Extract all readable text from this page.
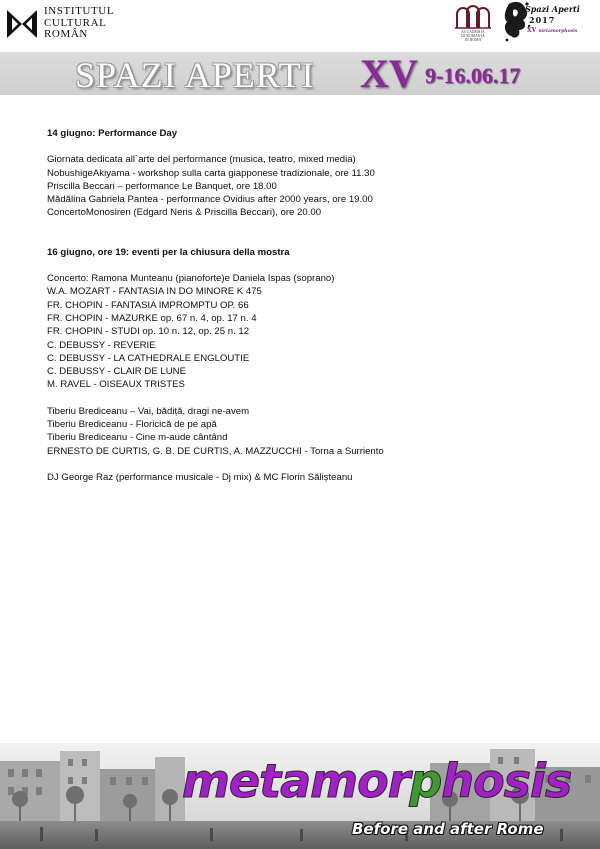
INSTITUTUL
CULTURAL
ROMÂN	ACCADEMIA
DI ROMANIA
IN ROMA
Spazi Aperti
2017
XV metamorphosis
SPAZI APERTI XV 9-16.06.17
14 giugno: Performance Day
Giornata dedicata all`arte del performance (musica, teatro, mixed media)
NobushigeAkiyama - workshop sulla carta giapponese tradizionale, ore 11.30
Priscilla Beccari – performance Le Banquet, ore 18.00
Mădălina Gabriela Pantea - performance Ovidius after 2000 years, ore 19.00
ConcertoMonosiren (Edgard Neris & Priscilla Beccari), ore 20.00
16 giugno, ore 19: eventi per la chiusura della mostra
Concerto: Ramona Munteanu (pianoforte)e Daniela Ispas (soprano)
W.A. MOZART - FANTASIA IN DO MINORE K 475
FR. CHOPIN - FANTASIA IMPROMPTU OP. 66
FR. CHOPIN - MAZURKE op. 67 n. 4, op. 17 n. 4
FR. CHOPIN - STUDI op. 10 n. 12, op. 25 n. 12
C. DEBUSSY - REVERIE
C. DEBUSSY - LA CATHEDRALE ENGLOUTIE
C. DEBUSSY - CLAIR DE LUNE
M. RAVEL - OISEAUX TRISTES
Tiberiu Brediceanu – Vai, bădiță, dragi ne-avem
Tiberiu Brediceanu - Floricică de pe apă
Tiberiu Brediceanu - Cine m-aude cântând
ERNESTO DE CURTIS, G. B. DE CURTIS, A. MAZZUCCHI - Torna a Surriento
DJ George Raz (performance musicale - Dj mix) & MC Florin Sălișteanu
metamorphosis
Before and after Rome
